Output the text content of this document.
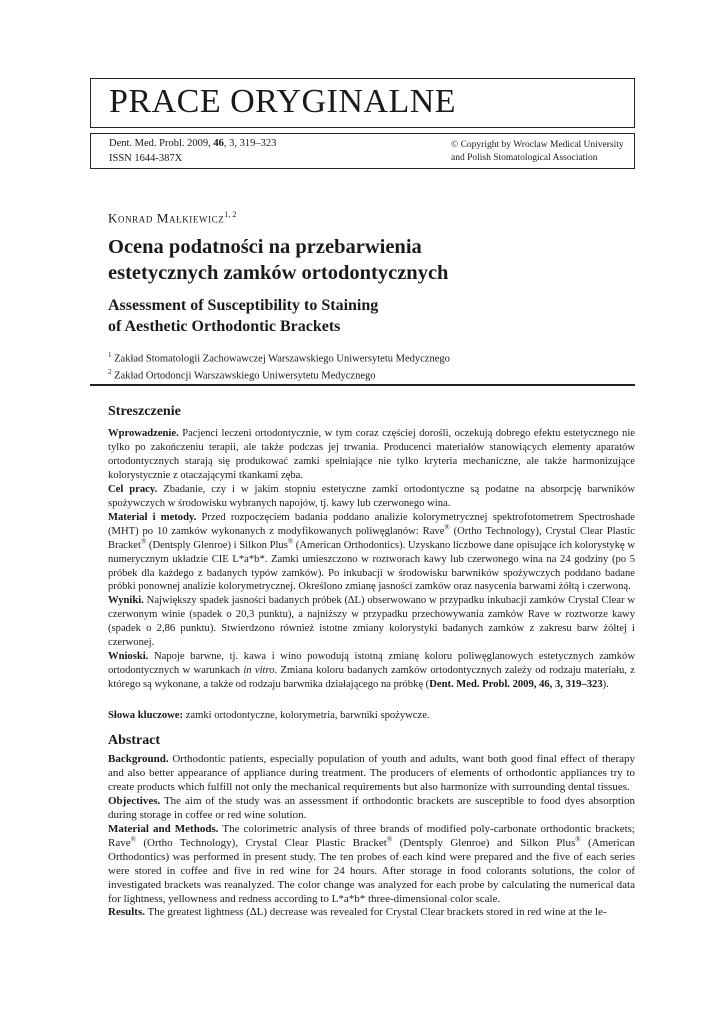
PRACE ORYGINALNE
Dent. Med. Probl. 2009, 46, 3, 319–323
ISSN 1644-387X
© Copyright by Wroclaw Medical University
and Polish Stomatological Association
Konrad Małkiewicz$^{1, 2}$
Ocena podatności na przebarwienia
estetycznych zamków ortodontycznych
Assessment of Susceptibility to Staining
of Aesthetic Orthodontic Brackets
$^1$ Zakład Stomatologii Zachowawczej Warszawskiego Uniwersytetu Medycznego
$^2$ Zakład Ortodoncji Warszawskiego Uniwersytetu Medycznego
Streszczenie

Wprowadzenie. Pacjenci leczeni ortodontycznie, w tym coraz częściej dorośli, oczekują dobrego efektu estetycznego nie tylko po zakończeniu terapii, ale także podczas jej trwania. Producenci materiałów stanowiących elementy aparatów ortodontycznych starają się produkować zamki spełniające nie tylko kryteria mechaniczne, ale także harmonizujące kolorystycznie z otaczającymi tkankami zęba.

Cel pracy. Zbadanie, czy i w jakim stopniu estetyczne zamki ortodontyczne są podatne na absorpcję barwników spożywczych w środowisku wybranych napojów, tj. kawy lub czerwonego wina.

Materiał i metody. Przed rozpoczęciem badania poddano analizie kolorymetrycznej spektrofotometrem Spectroshade (MHT) po 10 zamków wykonanych z modyfikowanych poliwęglanów: Rave® (Ortho Technology), Crystal Clear Plastic Bracket® (Dentsply Glenroe) i Silkon Plus® (American Orthodontics). Uzyskano liczbowe dane opisujące ich kolorystykę w numerycznym układzie CIE L*a*b*. Zamki umieszczono w roztworach kawy lub czerwonego wina na 24 godziny (po 5 próbek dla każdego z badanych typów zamków). Po inkubacji w środowisku barwników spożywczych poddano badane próbki ponownej analizie kolorymetrycznej. Określono zmianę jasności zamków oraz nasycenia barwami żółtą i czerwoną.

Wyniki. Największy spadek jasności badanych próbek (∆L) obserwowano w przypadku inkubacji zamków Crystal Clear w czerwonym winie (spadek o 20,3 punktu), a najniższy w przypadku przechowywania zamków Rave w roztworze kawy (spadek o 2,86 punktu). Stwierdzono również istotne zmiany kolorystyki badanych zamków z zakresu barw żółtej i czerwonej.

Wnioski. Napoje barwne, tj. kawa i wino powodują istotną zmianę koloru poliwęglanowych estetycznych zamków ortodontycznych w warunkach in vitro. Zmiana koloru badanych zamków ortodontycznych zależy od rodzaju materiału, z którego są wykonane, a także od rodzaju barwnika działającego na próbkę (Dent. Med. Probl. 2009, 46, 3, 319–323).

Słowa kluczowe: zamki ortodontyczne, kolorymetria, barwniki spożywcze.
Abstract

Background. Orthodontic patients, especially population of youth and adults, want both good final effect of therapy and also better appearance of appliance during treatment. The producers of elements of orthodontic appliances try to create products which fulfill not only the mechanical requirements but also harmonize with surrounding dental tissues.

Objectives. The aim of the study was an assessment if orthodontic brackets are susceptible to food dyes absorption during storage in coffee or red wine solution.

Material and Methods. The colorimetric analysis of three brands of modified poly-carbonate orthodontic brackets; Rave® (Ortho Technology), Crystal Clear Plastic Bracket® (Dentsply Glenroe) and Silkon Plus® (American Orthodontics) was performed in present study. The ten probes of each kind were prepared and the five of each series were stored in coffee and five in red wine for 24 hours. After storage in food colorants solutions, the color of investigated brackets was reanalyzed. The color change was analyzed for each probe by calculating the numerical data for lightness, yellowness and redness according to L*a*b* three-dimensional color scale.

Results. The greatest lightness (∆L) decrease was revealed for Crystal Clear brackets stored in red wine at the le-
